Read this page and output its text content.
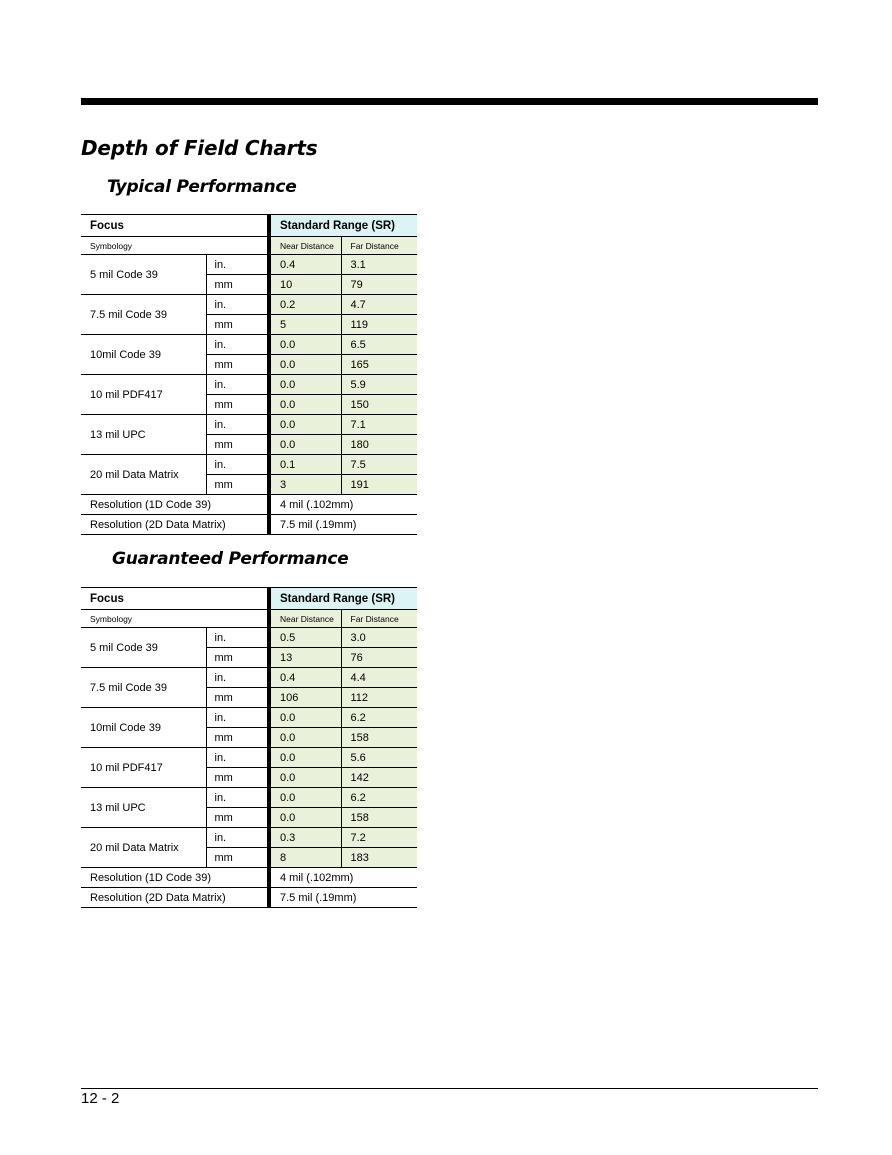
Depth of Field Charts
Typical Performance
Focus		Standard Range (SR)	
Symbology		Near Distance	Far Distance
5 mil Code 39	in.	0.4	3.1
	mm	10	79
7.5 mil Code 39	in.	0.2	4.7
	mm	5	119
10mil Code 39	in.	0.0	6.5
	mm	0.0	165
10 mil PDF417	in.	0.0	5.9
	mm	0.0	150
13 mil UPC	in.	0.0	7.1
	mm	0.0	180
20 mil Data Matrix	in.	0.1	7.5
	mm	3	191
Resolution (1D Code 39)		4 mil (.102mm)	
Resolution (2D Data Matrix)		7.5 mil (.19mm)	
Guaranteed Performance
Focus		Standard Range (SR)	
Symbology		Near Distance	Far Distance
5 mil Code 39	in.	0.5	3.0
	mm	13	76
7.5 mil Code 39	in.	0.4	4.4
	mm	106	112
10mil Code 39	in.	0.0	6.2
	mm	0.0	158
10 mil PDF417	in.	0.0	5.6
	mm	0.0	142
13 mil UPC	in.	0.0	6.2
	mm	0.0	158
20 mil Data Matrix	in.	0.3	7.2
	mm	8	183
Resolution (1D Code 39)		4 mil (.102mm)	
Resolution (2D Data Matrix)		7.5 mil (.19mm)	
12 - 2
